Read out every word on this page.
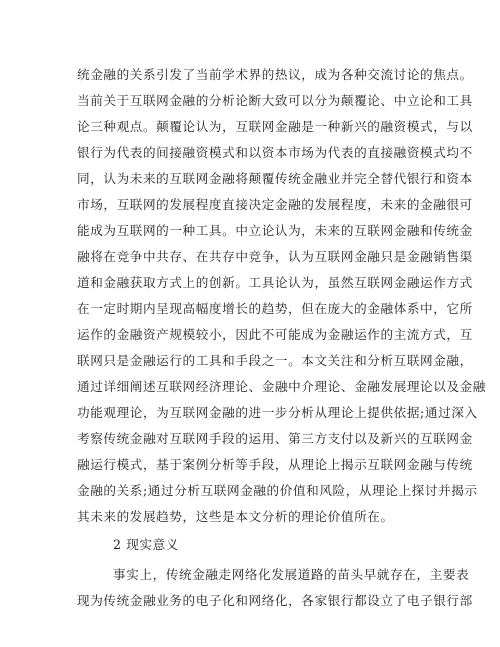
统金融的关系引发了当前学术界的热议，成为各种交流讨论的焦点。
当前关于互联网金融的分析论断大致可以分为颠覆论、中立论和工具
论三种观点。颠覆论认为，互联网金融是一种新兴的融资模式，与以
银行为代表的间接融资模式和以资本市场为代表的直接融资模式均不
同，认为未来的互联网金融将颠覆传统金融业并完全替代银行和资本
市场，互联网的发展程度直接决定金融的发展程度，未来的金融很可
能成为互联网的一种工具。中立论认为，未来的互联网金融和传统金
融将在竞争中共存、在共存中竞争，认为互联网金融只是金融销售渠
道和金融获取方式上的创新。工具论认为，虽然互联网金融运作方式
在一定时期内呈现高幅度增长的趋势，但在庞大的金融体系中，它所
运作的金融资产规模较小，因此不可能成为金融运作的主流方式，互
联网只是金融运行的工具和手段之一。本文关注和分析互联网金融，
通过详细阐述互联网经济理论、金融中介理论、金融发展理论以及金融
功能观理论，为互联网金融的进一步分析从理论上提供依据;通过深入
考察传统金融对互联网手段的运用、第三方支付以及新兴的互联网金
融运行模式，基于案例分析等手段，从理论上揭示互联网金融与传统
金融的关系;通过分析互联网金融的价值和风险，从理论上探讨并揭示
其未来的发展趋势，这些是本文分析的理论价值所在。
2 现实意义
事实上，传统金融走网络化发展道路的苗头早就存在，主要表
现为传统金融业务的电子化和网络化，各家银行都设立了电子银行部
